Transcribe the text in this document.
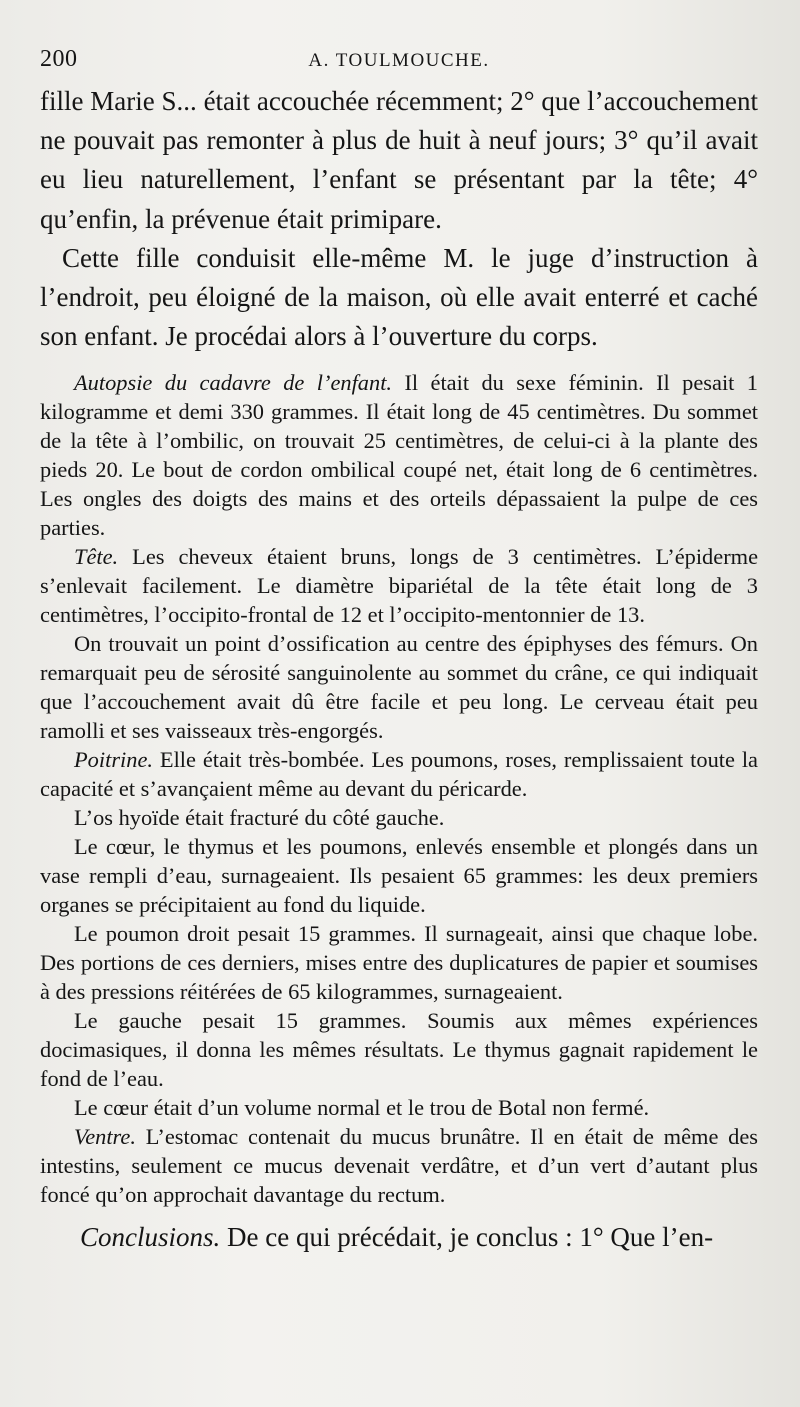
200	A. TOULMOUCHE.

fille Marie S... était accouchée récemment; 2° que l’accouchement ne pouvait pas remonter à plus de huit à neuf jours; 3° qu’il avait eu lieu naturellement, l’enfant se présentant par la tête; 4° qu’enfin, la prévenue était primipare.

Cette fille conduisit elle-même M. le juge d’instruction à l’endroit, peu éloigné de la maison, où elle avait enterré et caché son enfant. Je procédai alors à l’ouverture du corps.

Autopsie du cadavre de l’enfant. Il était du sexe féminin. Il pesait 1 kilogramme et demi 330 grammes. Il était long de 45 centimètres. Du sommet de la tête à l’ombilic, on trouvait 25 centimètres, de celui-ci à la plante des pieds 20. Le bout de cordon ombilical coupé net, était long de 6 centimètres. Les ongles des doigts des mains et des orteils dépassaient la pulpe de ces parties.

Tête. Les cheveux étaient bruns, longs de 3 centimètres. L’épiderme s’enlevait facilement. Le diamètre bipariétal de la tête était long de 3 centimètres, l’occipito-frontal de 12 et l’occipito-mentonnier de 13.

On trouvait un point d’ossification au centre des épiphyses des fémurs. On remarquait peu de sérosité sanguinolente au sommet du crâne, ce qui indiquait que l’accouchement avait dû être facile et peu long. Le cerveau était peu ramolli et ses vaisseaux très-engorgés.

Poitrine. Elle était très-bombée. Les poumons, roses, remplissaient toute la capacité et s’avançaient même au devant du péricarde.

L’os hyoïde était fracturé du côté gauche.

Le cœur, le thymus et les poumons, enlevés ensemble et plongés dans un vase rempli d’eau, surnageaient. Ils pesaient 65 grammes: les deux premiers organes se précipitaient au fond du liquide.

Le poumon droit pesait 15 grammes. Il surnageait, ainsi que chaque lobe. Des portions de ces derniers, mises entre des duplicatures de papier et soumises à des pressions réitérées de 65 kilogrammes, surnageaient.

Le gauche pesait 15 grammes. Soumis aux mêmes expériences docimasiques, il donna les mêmes résultats. Le thymus gagnait rapidement le fond de l’eau.

Le cœur était d’un volume normal et le trou de Botal non fermé.

Ventre. L’estomac contenait du mucus brunâtre. Il en était de même des intestins, seulement ce mucus devenait verdâtre, et d’un vert d’autant plus foncé qu’on approchait davantage du rectum.

Conclusions. De ce qui précédait, je conclus : 1° Que l’en-
